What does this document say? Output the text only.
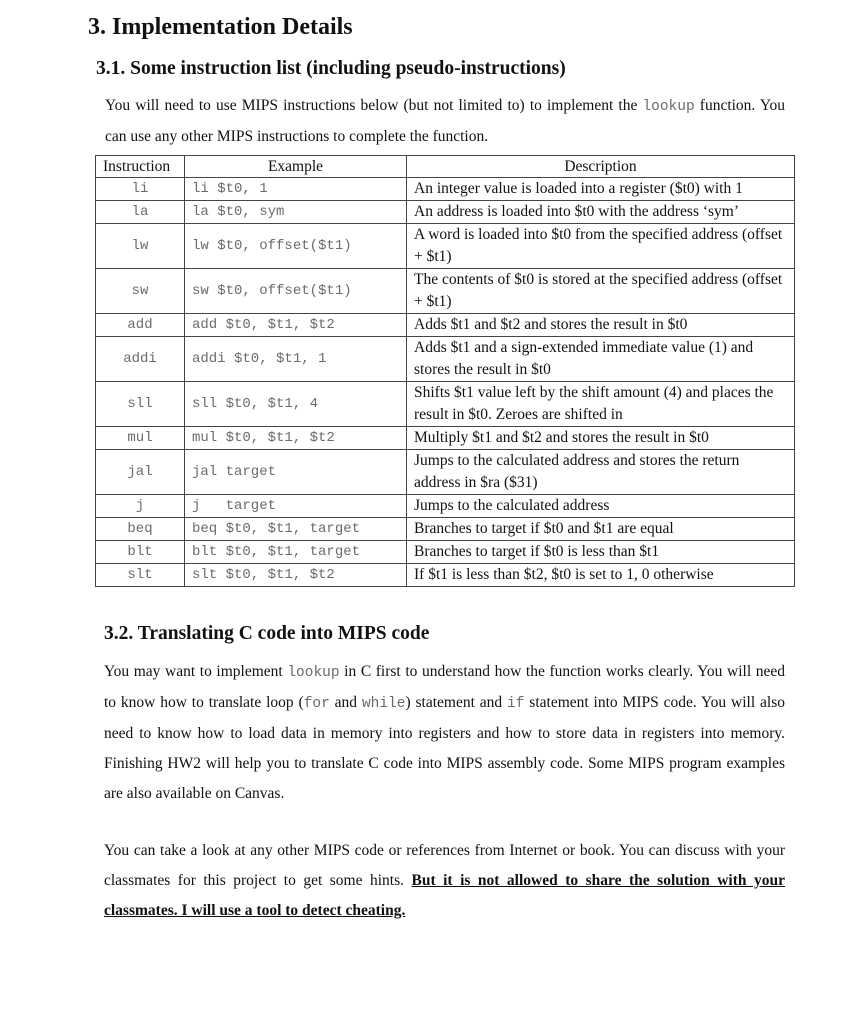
3. Implementation Details
3.1. Some instruction list (including pseudo-instructions)

You will need to use MIPS instructions below (but not limited to) to implement the lookup function. You can use any other MIPS instructions to complete the function.

Instruction	Example	Description
li	li $t0, 1	An integer value is loaded into a register ($t0) with 1
la	la $t0, sym	An address is loaded into $t0 with the address ‘sym’
lw	lw $t0, offset($t1)	A word is loaded into $t0 from the specified address (offset + $t1)
sw	sw $t0, offset($t1)	The contents of $t0 is stored at the specified address (offset + $t1)
add	add $t0, $t1, $t2	Adds $t1 and $t2 and stores the result in $t0
addi	addi $t0, $t1, 1	Adds $t1 and a sign-extended immediate value (1) and stores the result in $t0
sll	sll $t0, $t1, 4	Shifts $t1 value left by the shift amount (4) and places the result in $t0. Zeroes are shifted in
mul	mul $t0, $t1, $t2	Multiply $t1 and $t2 and stores the result in $t0
jal	jal target	Jumps to the calculated address and stores the return address in $ra ($31)
j	j   target	Jumps to the calculated address
beq	beq $t0, $t1, target	Branches to target if $t0 and $t1 are equal
blt	blt $t0, $t1, target	Branches to target if $t0 is less than $t1
slt	slt $t0, $t1, $t2	If $t1 is less than $t2, $t0 is set to 1, 0 otherwise
3.2. Translating C code into MIPS code

You may want to implement lookup in C first to understand how the function works clearly. You will need to know how to translate loop (for and while) statement and if statement into MIPS code. You will also need to know how to load data in memory into registers and how to store data in registers into memory. Finishing HW2 will help you to translate C code into MIPS assembly code. Some MIPS program examples are also available on Canvas.

You can take a look at any other MIPS code or references from Internet or book. You can discuss with your classmates for this project to get some hints. But it is not allowed to share the solution with your classmates. I will use a tool to detect cheating.
